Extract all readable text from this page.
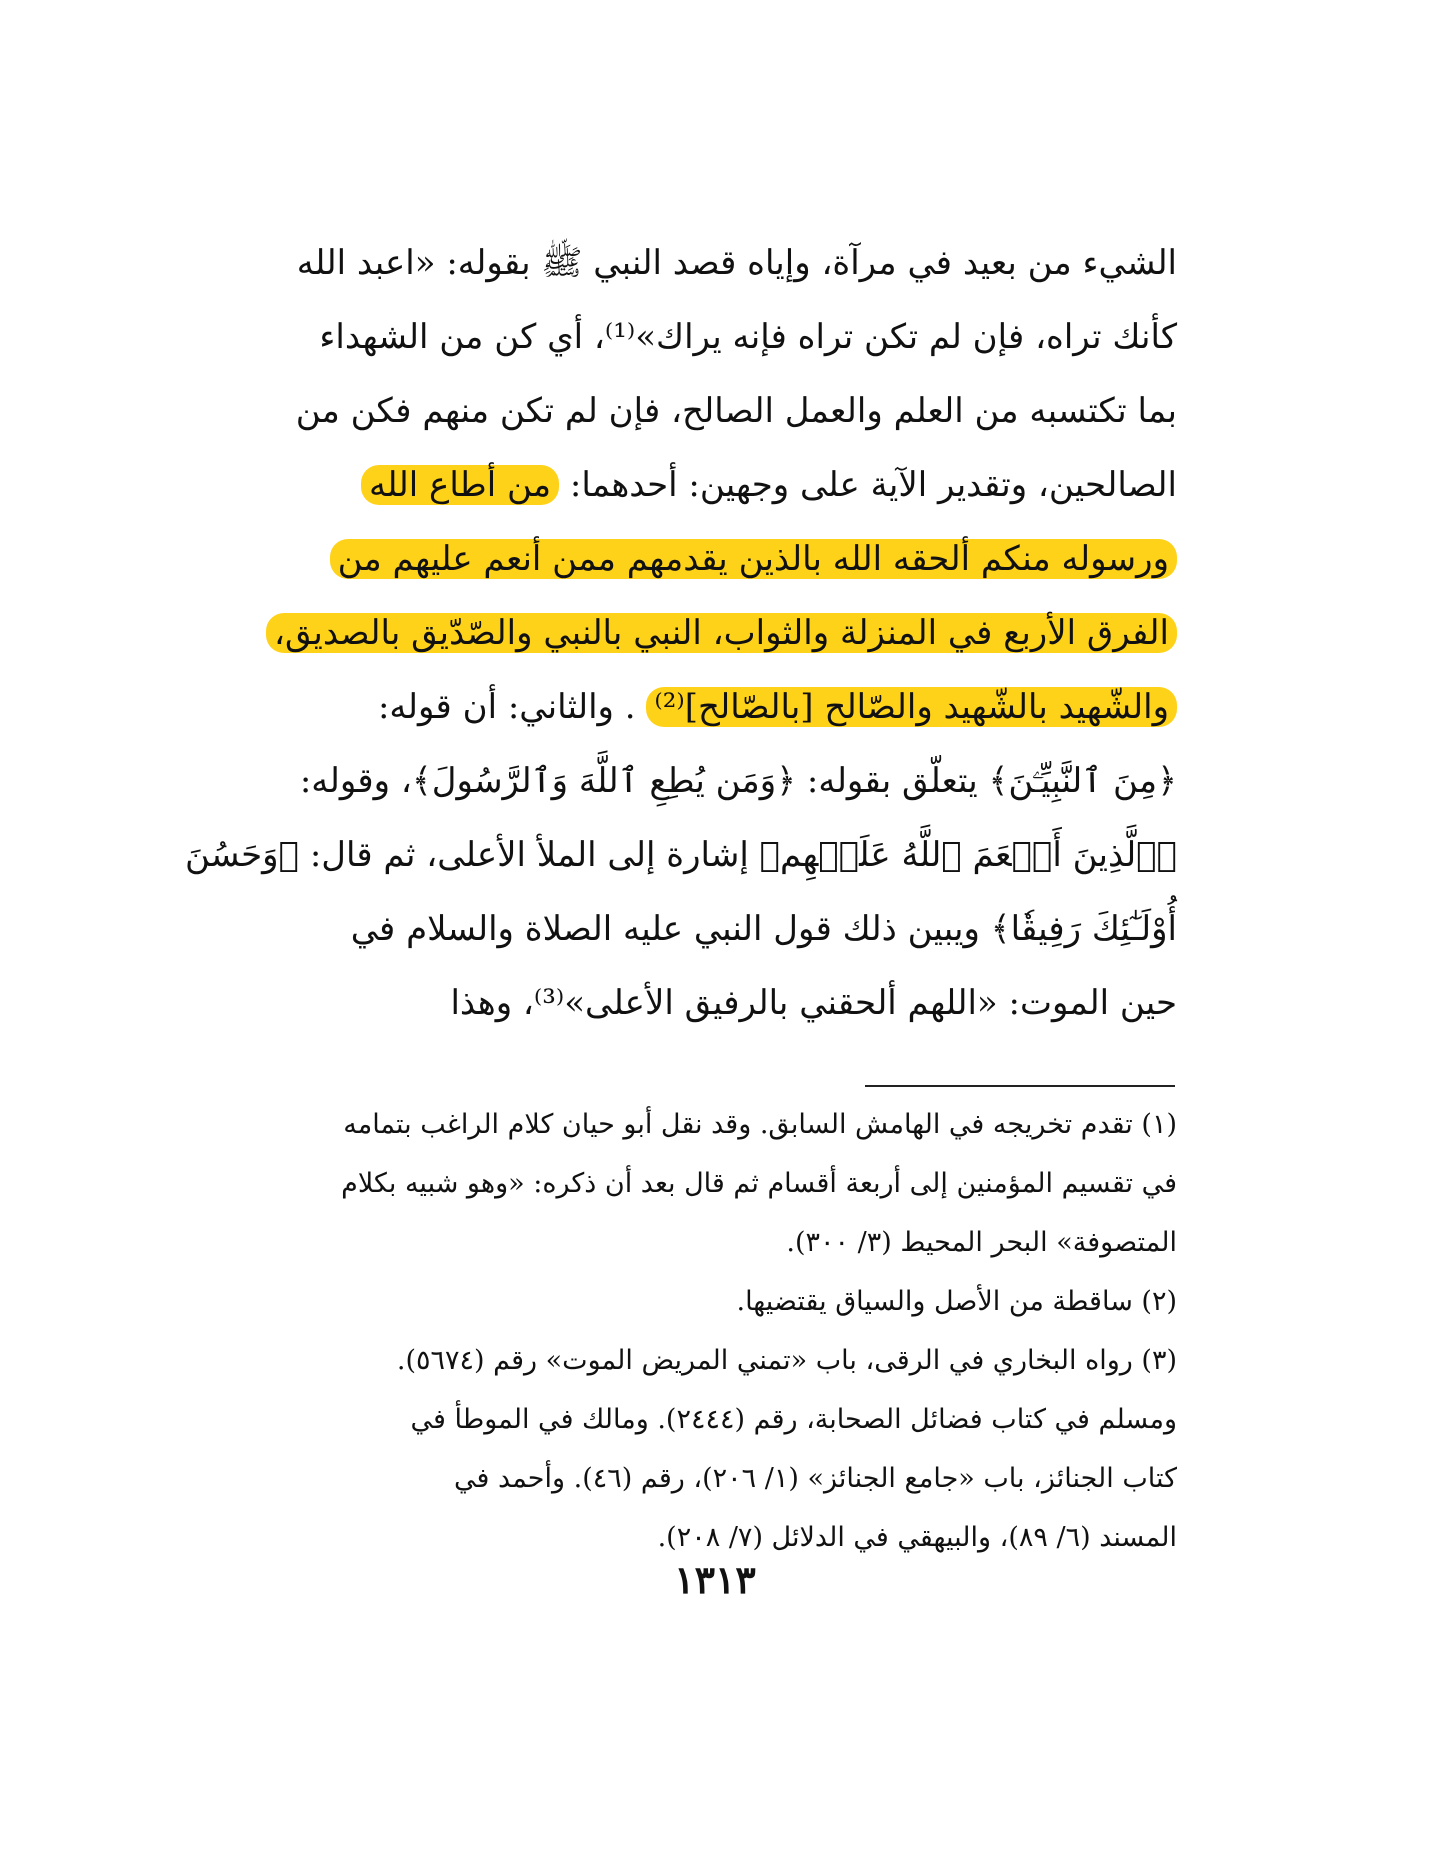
الشيء من بعيد في مرآة، وإياه قصد النبي ﷺ بقوله: «اعبد الله
كأنك تراه، فإن لم تكن تراه فإنه يراك»⁽¹⁾، أي كن من الشهداء
بما تكتسبه من العلم والعمل الصالح، فإن لم تكن منهم فكن من
الصالحين، وتقدير الآية على وجهين: أحدهما: من أطاع الله
ورسوله منكم ألحقه الله بالذين يقدمهم ممن أنعم عليهم من
الفرق الأربع في المنزلة والثواب، النبي بالنبي والصّدّيق بالصديق،
والشّهيد بالشّهيد والصّالح [بالصّالح]⁽²⁾ . والثاني: أن قوله:
﴿مِنَ ٱلنَّبِيِّـۧنَ﴾ يتعلّق بقوله: ﴿وَمَن يُطِعِ ٱللَّهَ وَٱلرَّسُولَ﴾، وقوله:
﴿ٱلَّذِينَ أَنۡعَمَ ٱللَّهُ عَلَيۡهِم﴾ إشارة إلى الملأ الأعلى، ثم قال: ﴿وَحَسُنَ
أُوْلَـٰٓئِكَ رَفِيقٗا﴾ ويبين ذلك قول النبي عليه الصلاة والسلام في
حين الموت: «اللهم ألحقني بالرفيق الأعلى»⁽³⁾، وهذا
(١) تقدم تخريجه في الهامش السابق. وقد نقل أبو حيان كلام الراغب بتمامه
في تقسيم المؤمنين إلى أربعة أقسام ثم قال بعد أن ذكره: «وهو شبيه بكلام
المتصوفة» البحر المحيط (٣/ ٣٠٠).
(٢) ساقطة من الأصل والسياق يقتضيها.
(٣) رواه البخاري في الرقى، باب «تمني المريض الموت» رقم (٥٦٧٤).
ومسلم في كتاب فضائل الصحابة، رقم (٢٤٤٤). ومالك في الموطأ في
كتاب الجنائز، باب «جامع الجنائز» (١/ ٢٠٦)، رقم (٤٦). وأحمد في
المسند (٦/ ٨٩)، والبيهقي في الدلائل (٧/ ٢٠٨).
١٣١٣
